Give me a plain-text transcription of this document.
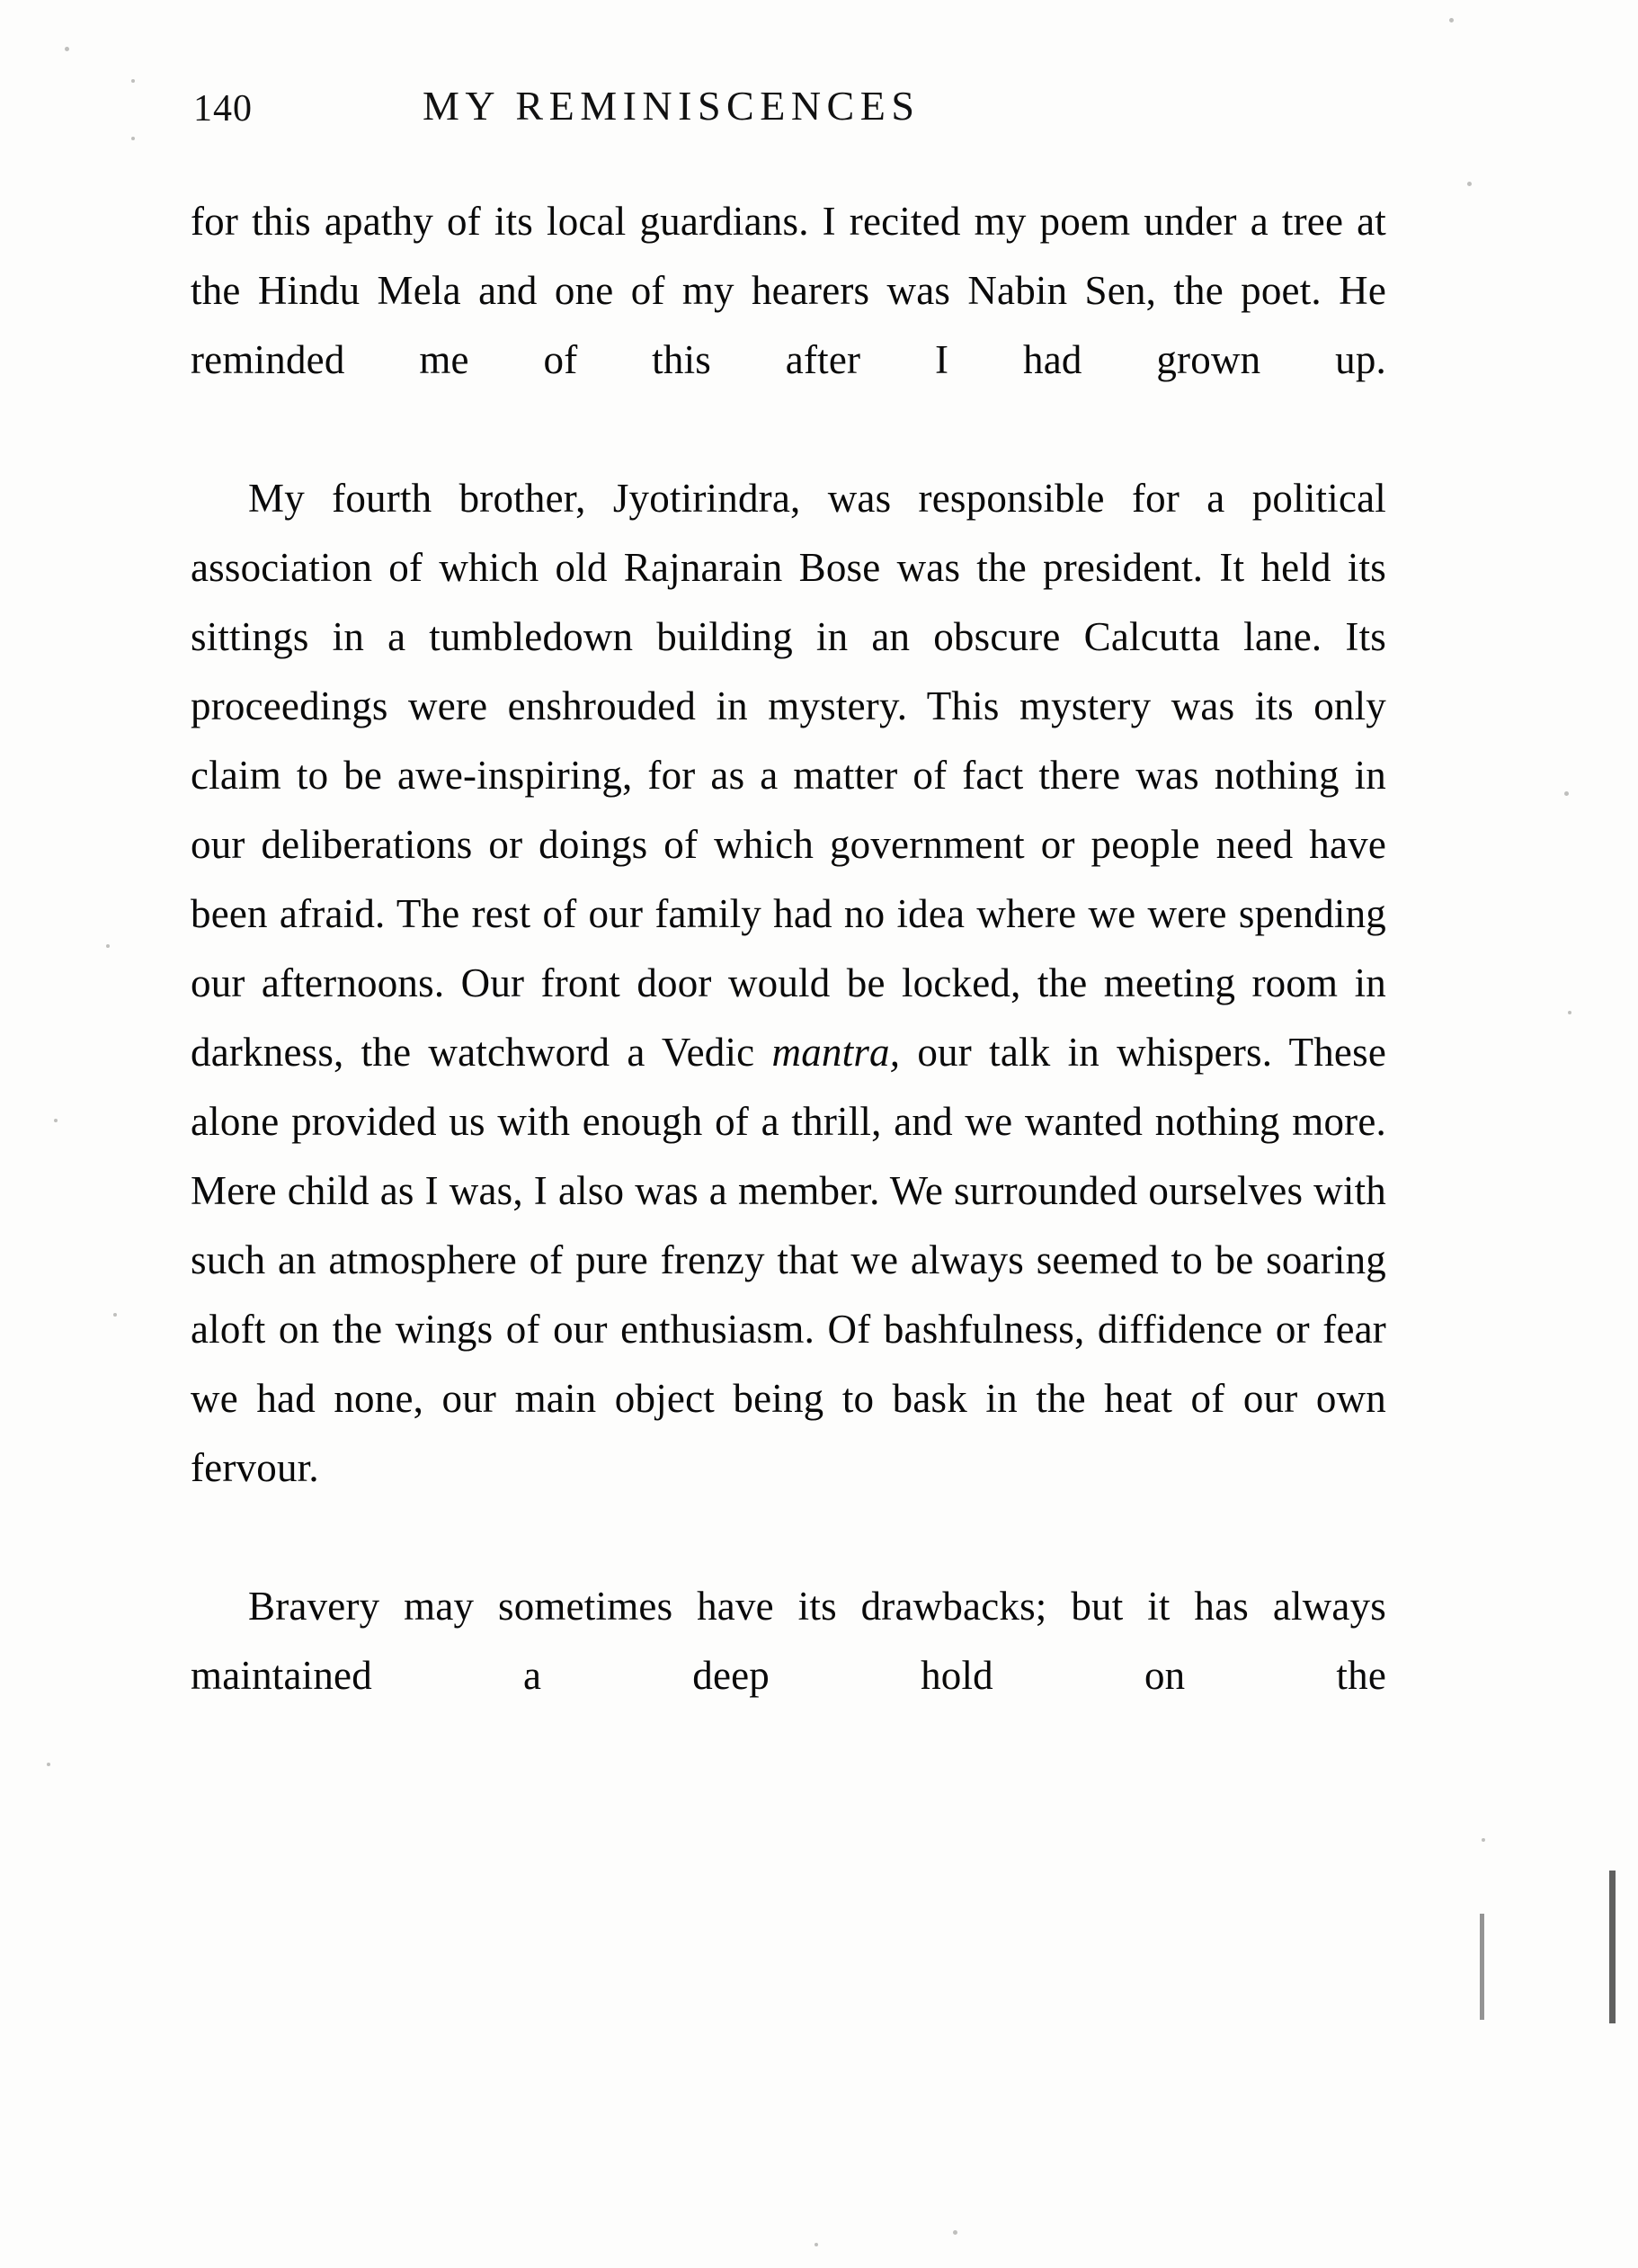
140	MY REMINISCENCES

for this apathy of its local guardians. I recited my poem under a tree at the Hindu Mela and one of my hearers was Nabin Sen, the poet. He reminded me of this after I had grown up.

My fourth brother, Jyotirindra, was responsible for a political association of which old Rajnarain Bose was the president. It held its sittings in a tumbledown building in an obscure Calcutta lane. Its proceedings were enshrouded in mystery. This mystery was its only claim to be awe-inspiring, for as a matter of fact there was nothing in our deliberations or doings of which government or people need have been afraid. The rest of our family had no idea where we were spending our afternoons. Our front door would be locked, the meeting room in darkness, the watchword a Vedic mantra, our talk in whispers. These alone provided us with enough of a thrill, and we wanted nothing more. Mere child as I was, I also was a member. We surrounded ourselves with such an atmosphere of pure frenzy that we always seemed to be soaring aloft on the wings of our enthusiasm. Of bashfulness, diffidence or fear we had none, our main object being to bask in the heat of our own fervour.

Bravery may sometimes have its drawbacks; but it has always maintained a deep hold on the
